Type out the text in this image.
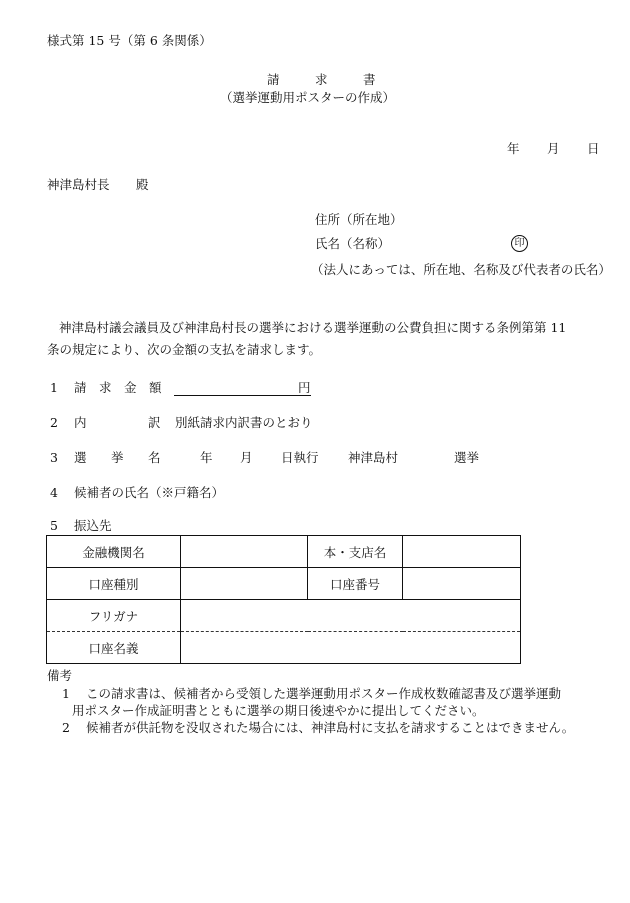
様式第 15 号（第 6 条関係）
請	求	書
（選挙運動用ポスターの作成）
年 月 日
神津島村長 殿
住所（所在地）
氏名（名称）	印
（法人にあっては、所在地、名称及び代表者の氏名）
神津島村議会議員及び神津島村長の選挙における選挙運動の公費負担に関する条例第第 11
条の規定により、次の金額の支払を請求します。
1 請　求　金　額	円
2 内	訳 別紙請求内訳書のとおり
3 選 挙 名	年 月 日執行 神津島村	選挙
4 候補者の氏名（※戸籍名）
5 振込先
金融機関名		本・支店名	
口座種別		口座番号	
フリガナ			
口座名義			
備考
1 この請求書は、候補者から受領した選挙運動用ポスター作成枚数確認書及び選挙運動
用ポスター作成証明書とともに選挙の期日後速やかに提出してください。
2 候補者が供託物を没収された場合には、神津島村に支払を請求することはできません。
